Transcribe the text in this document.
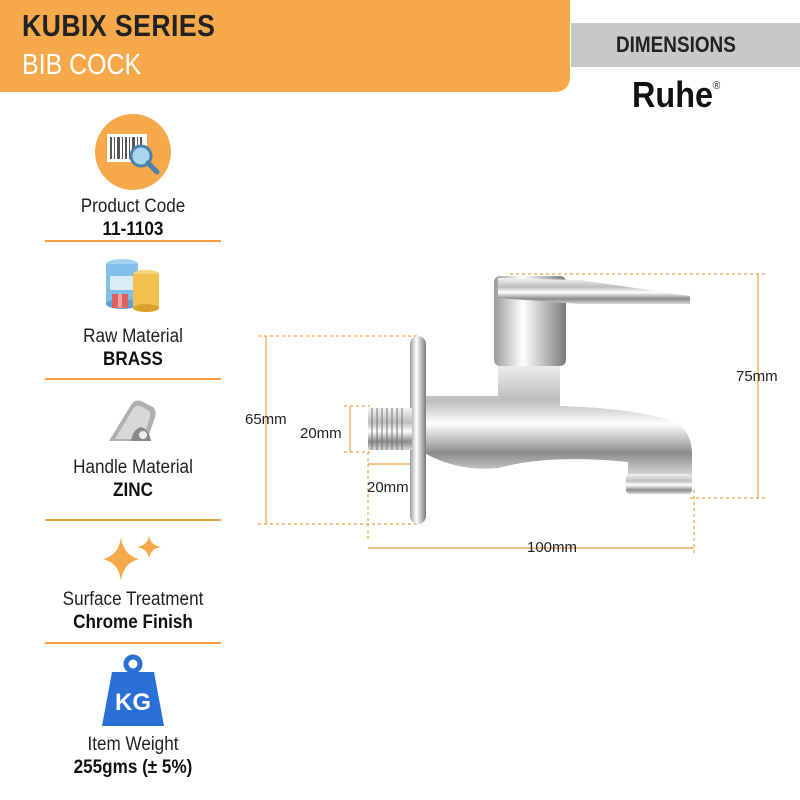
KUBIX SERIES
BIB COCK
DIMENSIONS
Ruhe®
Product Code
11-1103
Raw Material
BRASS
Handle Material
ZINC
Surface Treatment
Chrome Finish
KG
Item Weight
255gms (± 5%)
65mm
20mm
20mm
100mm
75mm
